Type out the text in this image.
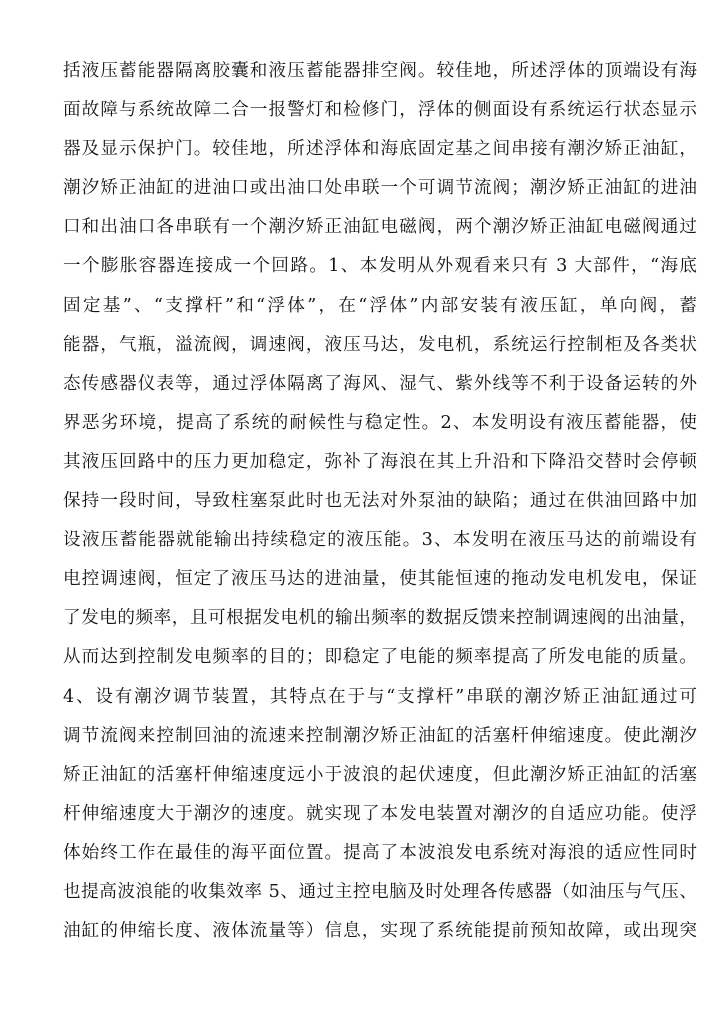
括液压蓄能器隔离胶囊和液压蓄能器排空阀。较佳地，所述浮体的顶端设有海
面故障与系统故障二合一报警灯和检修门，浮体的侧面设有系统运行状态显示
器及显示保护门。较佳地，所述浮体和海底固定基之间串接有潮汐矫正油缸，
潮汐矫正油缸的进油口或出油口处串联一个可调节流阀；潮汐矫正油缸的进油
口和出油口各串联有一个潮汐矫正油缸电磁阀，两个潮汐矫正油缸电磁阀通过
一个膨胀容器连接成一个回路。1、本发明从外观看来只有 3 大部件，“海底
固定基”、“支撑杆”和“浮体”，在“浮体”内部安装有液压缸，单向阀，蓄
能器，气瓶，溢流阀，调速阀，液压马达，发电机，系统运行控制柜及各类状
态传感器仪表等，通过浮体隔离了海风、湿气、紫外线等不利于设备运转的外
界恶劣环境，提高了系统的耐候性与稳定性。2、本发明设有液压蓄能器，使
其液压回路中的压力更加稳定，弥补了海浪在其上升沿和下降沿交替时会停顿
保持一段时间，导致柱塞泵此时也无法对外泵油的缺陷；通过在供油回路中加
设液压蓄能器就能输出持续稳定的液压能。3、本发明在液压马达的前端设有
电控调速阀，恒定了液压马达的进油量，使其能恒速的拖动发电机发电，保证
了发电的频率，且可根据发电机的输出频率的数据反馈来控制调速阀的出油量，
从而达到控制发电频率的目的；即稳定了电能的频率提高了所发电能的质量。
4、设有潮汐调节装置，其特点在于与“支撑杆”串联的潮汐矫正油缸通过可
调节流阀来控制回油的流速来控制潮汐矫正油缸的活塞杆伸缩速度。使此潮汐
矫正油缸的活塞杆伸缩速度远小于波浪的起伏速度，但此潮汐矫正油缸的活塞
杆伸缩速度大于潮汐的速度。就实现了本发电装置对潮汐的自适应功能。使浮
体始终工作在最佳的海平面位置。提高了本波浪发电系统对海浪的适应性同时
也提高波浪能的收集效率 5、通过主控电脑及时处理各传感器（如油压与气压、
油缸的伸缩长度、液体流量等）信息，实现了系统能提前预知故障，或出现突
